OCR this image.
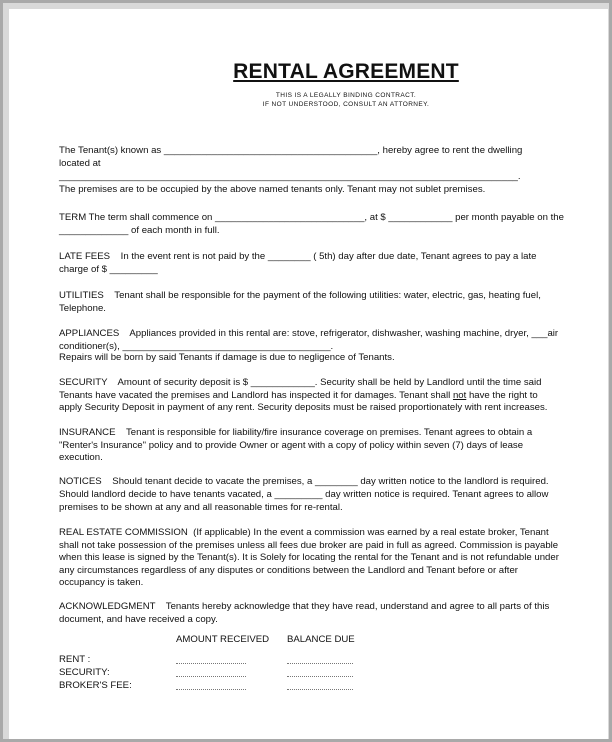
RENTAL AGREEMENT
THIS IS A LEGALLY BINDING CONTRACT.
IF NOT UNDERSTOOD, CONSULT AN ATTORNEY.
The Tenant(s) known as ________________________________________, hereby agree to rent the dwelling
located at
______________________________________________________________________________________.
The premises are to be occupied by the above named tenants only. Tenant may not sublet premises.
TERM The term shall commence on ____________________________, at $ ____________ per month payable on the
_____________ of each month in full.
LATE FEES    In the event rent is not paid by the ________ ( 5th) day after due date, Tenant agrees to pay a late
charge of $ _________
UTILITIES    Tenant shall be responsible for the payment of the following utilities: water, electric, gas, heating fuel,
Telephone.
APPLIANCES    Appliances provided in this rental are: stove, refrigerator, dishwasher, washing machine, dryer, ___air
conditioner(s), _______________________________________.
Repairs will be born by said Tenants if damage is due to negligence of Tenants.
SECURITY    Amount of security deposit is $ ____________. Security shall be held by Landlord until the time said
Tenants have vacated the premises and Landlord has inspected it for damages. Tenant shall not have the right to
apply Security Deposit in payment of any rent. Security deposits must be raised proportionately with rent increases.
INSURANCE    Tenant is responsible for liability/fire insurance coverage on premises. Tenant agrees to obtain a
"Renter's Insurance" policy and to provide Owner or agent with a copy of policy within seven (7) days of lease
execution.
NOTICES    Should tenant decide to vacate the premises, a ________ day written notice to the landlord is required.
Should landlord decide to have tenants vacated, a _________ day written notice is required. Tenant agrees to allow
premises to be shown at any and all reasonable times for re-rental.
REAL ESTATE COMMISSION  (If applicable) In the event a commission was earned by a real estate broker, Tenant
shall not take possession of the premises unless all fees due broker are paid in full as agreed. Commission is payable
when this lease is signed by the Tenant(s). It is Solely for locating the rental for the Tenant and is not refundable under
any circumstances regardless of any disputes or conditions between the Landlord and Tenant before or after
occupancy is taken.
ACKNOWLEDGMENT    Tenants hereby acknowledge that they have read, understand and agree to all parts of this
document, and have received a copy.
AMOUNT RECEIVED BALANCE DUE
RENT :
SECURITY:
BROKER'S FEE:
